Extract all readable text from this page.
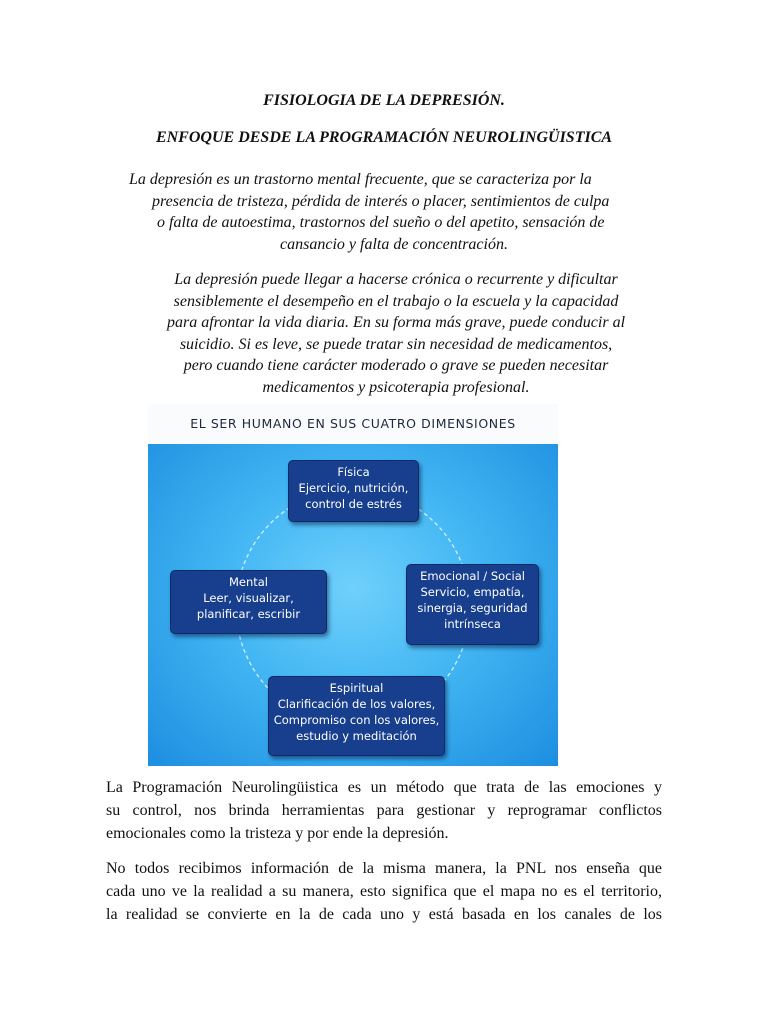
FISIOLOGIA DE LA DEPRESIÓN.
ENFOQUE DESDE LA PROGRAMACIÓN NEUROLINGÜISTICA

La depresión es un trastorno mental frecuente, que se caracteriza por la
presencia de tristeza, pérdida de interés o placer, sentimientos de culpa
o falta de autoestima, trastornos del sueño o del apetito, sensación de
cansancio y falta de concentración.

La depresión puede llegar a hacerse crónica o recurrente y dificultar
sensiblemente el desempeño en el trabajo o la escuela y la capacidad
para afrontar la vida diaria. En su forma más grave, puede conducir al
suicidio. Si es leve, se puede tratar sin necesidad de medicamentos,
pero cuando tiene carácter moderado o grave se pueden necesitar
medicamentos y psicoterapia profesional.

EL SER HUMANO EN SUS CUATRO DIMENSIONES
Física
Ejercicio, nutrición,
control de estrés
Emocional / Social
Servicio, empatía,
sinergia, seguridad
intrínseca
Mental
Leer, visualizar,
planificar, escribir
Espiritual
Clarificación de los valores,
Compromiso con los valores,
estudio y meditación

La Programación Neurolingüistica es un método que trata de las emociones y
su control, nos brinda herramientas para gestionar y reprogramar conflictos
emocionales como la tristeza y por ende la depresión.

No todos recibimos información de la misma manera, la PNL nos enseña que
cada uno ve la realidad a su manera, esto significa que el mapa no es el territorio,
la realidad se convierte en la de cada uno y está basada en los canales de los
